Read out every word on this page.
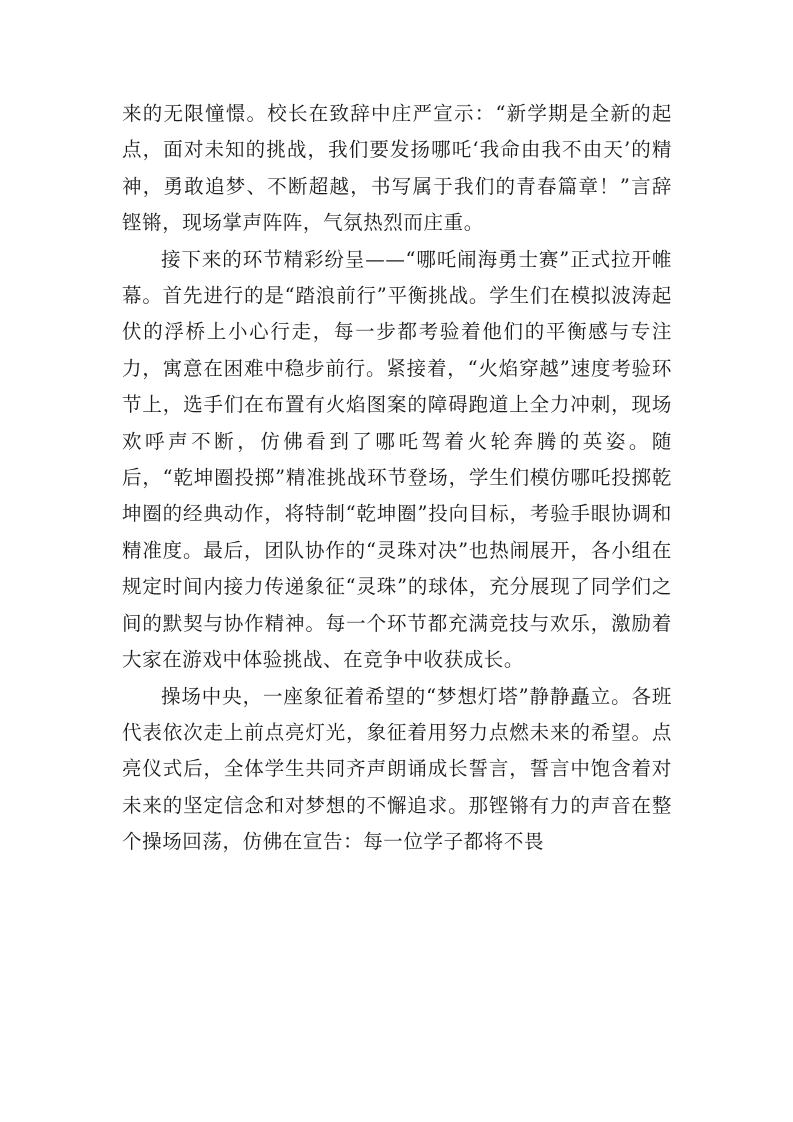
来的无限憧憬。校长在致辞中庄严宣示：“新学期是全新的起点，面对未知的挑战，我们要发扬哪吒‘我命由我不由天’的精神，勇敢追梦、不断超越，书写属于我们的青春篇章！”言辞铿锵，现场掌声阵阵，气氛热烈而庄重。

接下来的环节精彩纷呈——“哪吒闹海勇士赛”正式拉开帷幕。首先进行的是“踏浪前行”平衡挑战。学生们在模拟波涛起伏的浮桥上小心行走，每一步都考验着他们的平衡感与专注力，寓意在困难中稳步前行。紧接着，“火焰穿越”速度考验环节上，选手们在布置有火焰图案的障碍跑道上全力冲刺，现场欢呼声不断，仿佛看到了哪吒驾着火轮奔腾的英姿。随后，“乾坤圈投掷”精准挑战环节登场，学生们模仿哪吒投掷乾坤圈的经典动作，将特制“乾坤圈”投向目标，考验手眼协调和精准度。最后，团队协作的“灵珠对决”也热闹展开，各小组在规定时间内接力传递象征“灵珠”的球体，充分展现了同学们之间的默契与协作精神。每一个环节都充满竞技与欢乐，激励着大家在游戏中体验挑战、在竞争中收获成长。

操场中央，一座象征着希望的“梦想灯塔”静静矗立。各班代表依次走上前点亮灯光，象征着用努力点燃未来的希望。点亮仪式后，全体学生共同齐声朗诵成长誓言，誓言中饱含着对未来的坚定信念和对梦想的不懈追求。那铿锵有力的声音在整个操场回荡，仿佛在宣告：每一位学子都将不畏
